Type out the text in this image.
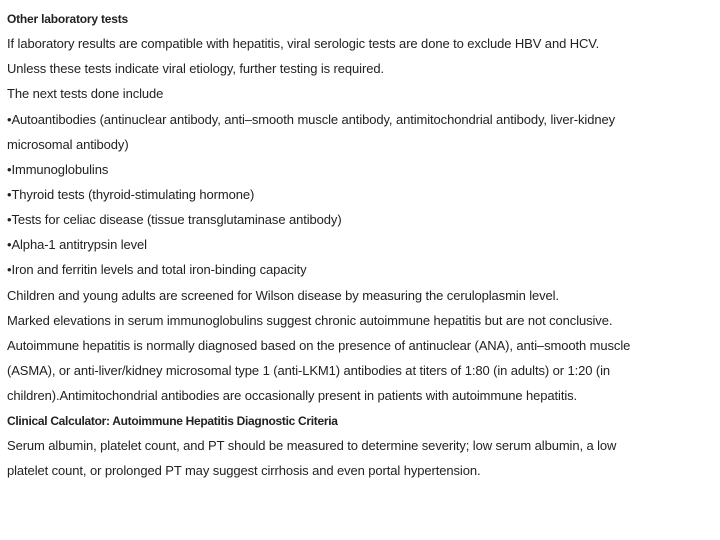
Other laboratory tests
If laboratory results are compatible with hepatitis, viral serologic tests are done to exclude HBV and HCV.
Unless these tests indicate viral etiology, further testing is required.
The next tests done include
•Autoantibodies (antinuclear antibody, anti–smooth muscle antibody, antimitochondrial antibody, liver-kidney
microsomal antibody)
•Immunoglobulins
•Thyroid tests (thyroid-stimulating hormone)
•Tests for celiac disease (tissue transglutaminase antibody)
•Alpha-1 antitrypsin level
•Iron and ferritin levels and total iron-binding capacity
Children and young adults are screened for Wilson disease by measuring the ceruloplasmin level.
Marked elevations in serum immunoglobulins suggest chronic autoimmune hepatitis but are not conclusive.
Autoimmune hepatitis is normally diagnosed based on the presence of antinuclear (ANA), anti–smooth muscle
(ASMA), or anti-liver/kidney microsomal type 1 (anti-LKM1) antibodies at titers of 1:80 (in adults) or 1:20 (in
children).Antimitochondrial antibodies are occasionally present in patients with autoimmune hepatitis.
Clinical Calculator: Autoimmune Hepatitis Diagnostic Criteria
Serum albumin, platelet count, and PT should be measured to determine severity; low serum albumin, a low
platelet count, or prolonged PT may suggest cirrhosis and even portal hypertension.
